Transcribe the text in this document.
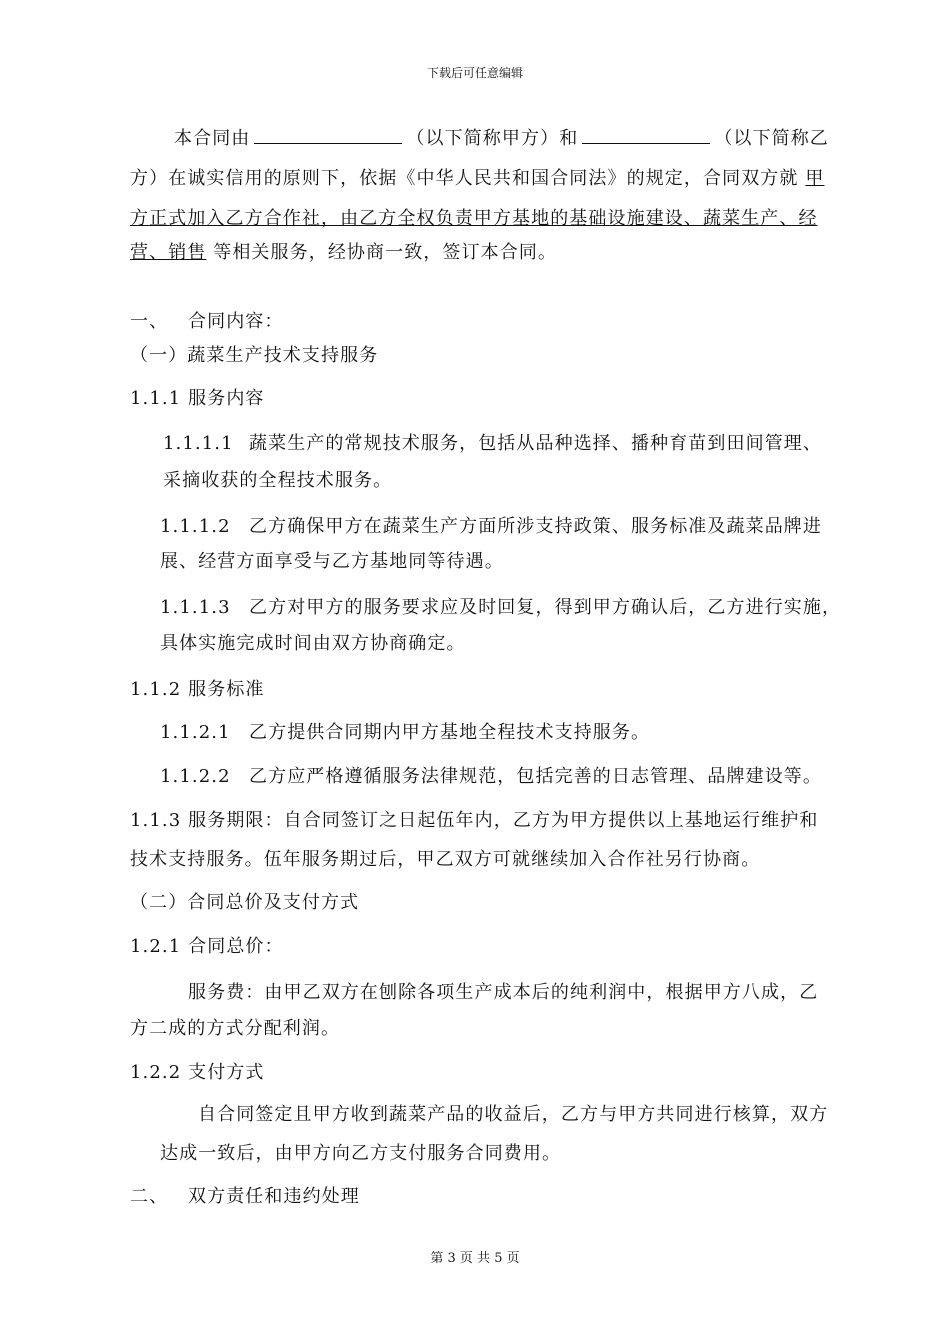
下载后可任意编辑
本合同由	（以下简称甲方）和	（以下简称乙
方）在诚实信用的原则下，依据《中华人民共和国合同法》的规定，合同双方就 甲
方正式加入乙方合作社，由乙方全权负责甲方基地的基础设施建设、蔬菜生产、经
营、销售 等相关服务，经协商一致，签订本合同。
一、 合同内容：
（一）蔬菜生产技术支持服务
1.1.1 服务内容
1.1.1.1 蔬菜生产的常规技术服务，包括从品种选择、播种育苗到田间管理、
采摘收获的全程技术服务。
1.1.1.2 乙方确保甲方在蔬菜生产方面所涉支持政策、服务标准及蔬菜品牌进
展、经营方面享受与乙方基地同等待遇。
1.1.1.3 乙方对甲方的服务要求应及时回复，得到甲方确认后，乙方进行实施，
具体实施完成时间由双方协商确定。
1.1.2 服务标准
1.1.2.1 乙方提供合同期内甲方基地全程技术支持服务。
1.1.2.2 乙方应严格遵循服务法律规范，包括完善的日志管理、品牌建设等。
1.1.3 服务期限：自合同签订之日起伍年内，乙方为甲方提供以上基地运行维护和
技术支持服务。伍年服务期过后，甲乙双方可就继续加入合作社另行协商。
（二）合同总价及支付方式
1.2.1 合同总价：
服务费：由甲乙双方在刨除各项生产成本后的纯利润中，根据甲方八成，乙
方二成的方式分配利润。
1.2.2 支付方式
自合同签定且甲方收到蔬菜产品的收益后，乙方与甲方共同进行核算，双方
达成一致后，由甲方向乙方支付服务合同费用。
二、 双方责任和违约处理
第 3 页 共 5 页
